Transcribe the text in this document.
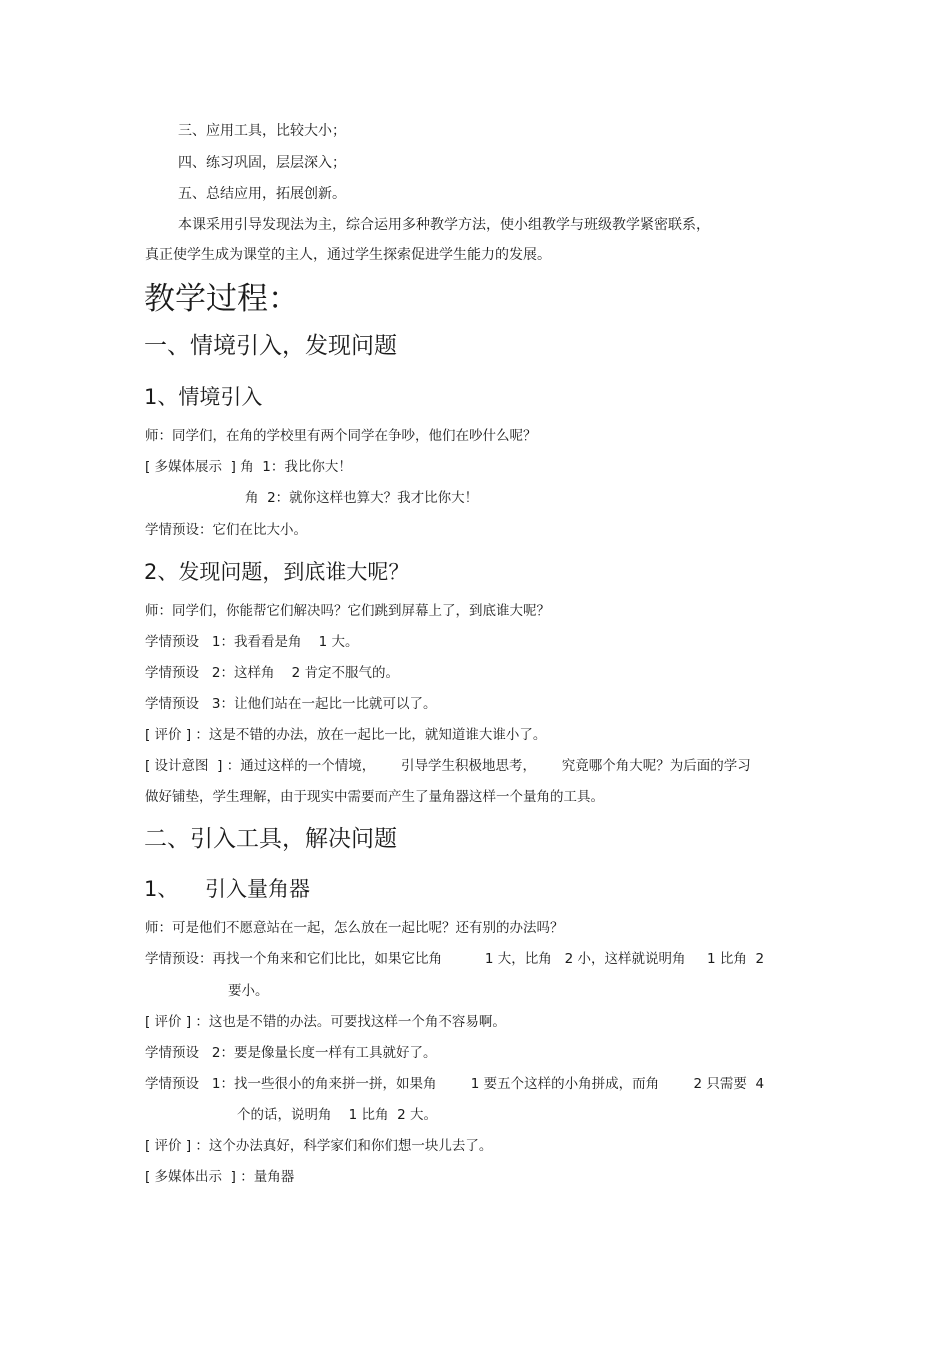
三、应用工具，比较大小；
四、练习巩固，层层深入；
五、总结应用，拓展创新。
本课采用引导发现法为主，综合运用多种教学方法，使小组教学与班级教学紧密联系，
真正使学生成为课堂的主人，通过学生探索促进学生能力的发展。
教学过程：
一、情境引入，发现问题
1、情境引入
师：同学们，在角的学校里有两个同学在争吵，他们在吵什么呢？
[ 多媒体展示  ] 角  1：我比你大！
角  2：就你这样也算大？我才比你大！
学情预设：它们在比大小。
2、发现问题，到底谁大呢？
师：同学们，你能帮它们解决吗？它们跳到屏幕上了，到底谁大呢？
学情预设   1：我看看是角    1 大。
学情预设   2：这样角    2 肯定不服气的。
学情预设   3：让他们站在一起比一比就可以了。
[ 评价 ] ：这是不错的办法，放在一起比一比，就知道谁大谁小了。
[ 设计意图  ] ：通过这样的一个情境，      引导学生积极地思考，      究竟哪个角大呢？为后面的学习
做好铺垫，学生理解，由于现实中需要而产生了量角器这样一个量角的工具。
二、引入工具，解决问题
1、    引入量角器
师：可是他们不愿意站在一起，怎么放在一起比呢？还有别的办法吗？
学情预设：再找一个角来和它们比比，如果它比角          1 大，比角   2 小，这样就说明角     1 比角  2
要小。
[ 评价 ] ：这也是不错的办法。可要找这样一个角不容易啊。
学情预设   2：要是像量长度一样有工具就好了。
学情预设   1：找一些很小的角来拼一拼，如果角        1 要五个这样的小角拼成，而角        2 只需要  4
个的话，说明角    1 比角  2 大。
[ 评价 ] ：这个办法真好，科学家们和你们想一块儿去了。
[ 多媒体出示  ] ：量角器
